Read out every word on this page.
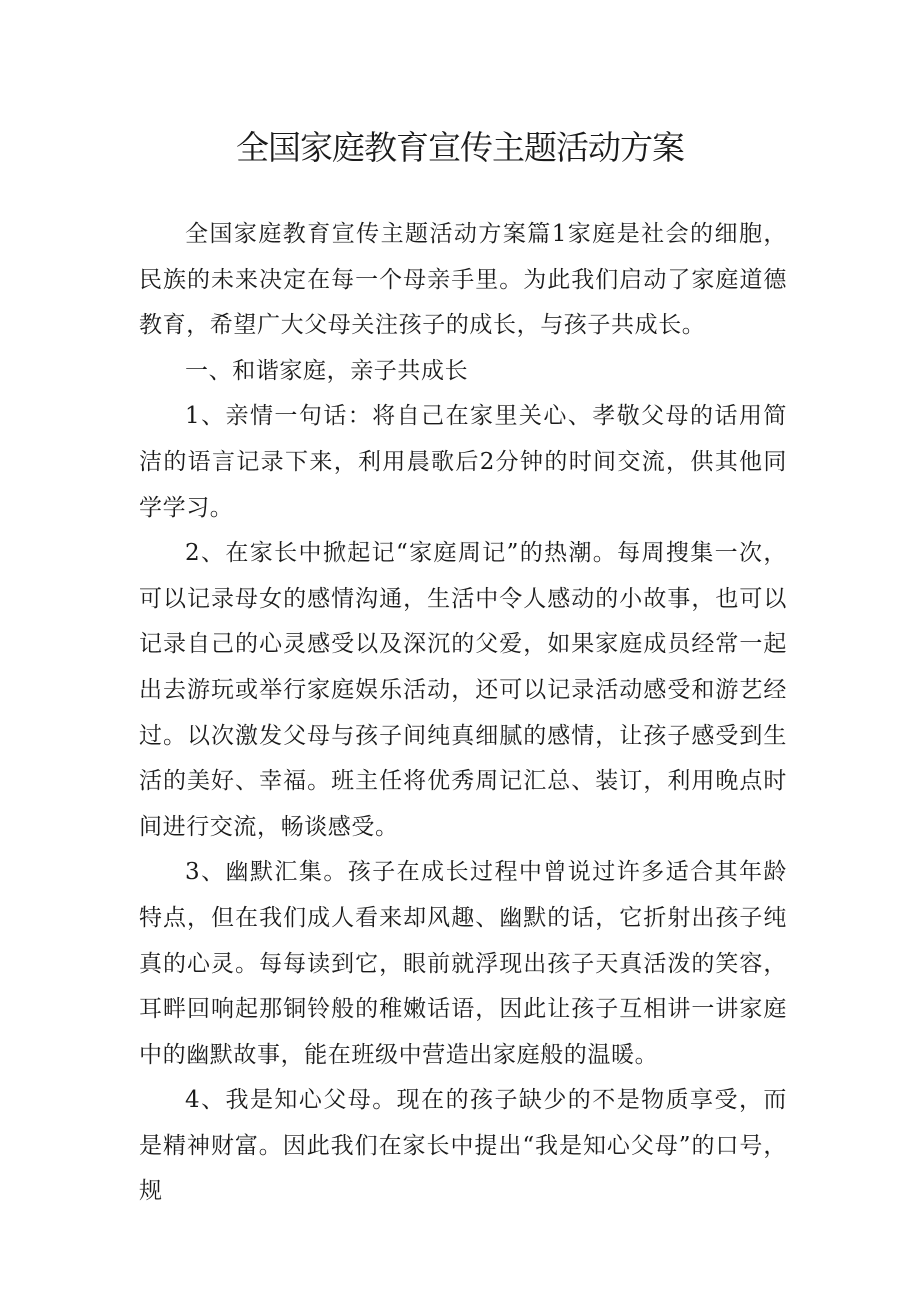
全国家庭教育宣传主题活动方案

全国家庭教育宣传主题活动方案篇1家庭是社会的细胞，民族的未来决定在每一个母亲手里。为此我们启动了家庭道德教育，希望广大父母关注孩子的成长，与孩子共成长。

一、和谐家庭，亲子共成长

1、亲情一句话：将自己在家里关心、孝敬父母的话用简洁的语言记录下来，利用晨歌后2分钟的时间交流，供其他同学学习。

2、在家长中掀起记“家庭周记”的热潮。每周搜集一次，可以记录母女的感情沟通，生活中令人感动的小故事，也可以记录自己的心灵感受以及深沉的父爱，如果家庭成员经常一起出去游玩或举行家庭娱乐活动，还可以记录活动感受和游艺经过。以次激发父母与孩子间纯真细腻的感情，让孩子感受到生活的美好、幸福。班主任将优秀周记汇总、装订，利用晚点时间进行交流，畅谈感受。

3、幽默汇集。孩子在成长过程中曾说过许多适合其年龄特点，但在我们成人看来却风趣、幽默的话，它折射出孩子纯真的心灵。每每读到它，眼前就浮现出孩子天真活泼的笑容，耳畔回响起那铜铃般的稚嫩话语，因此让孩子互相讲一讲家庭中的幽默故事，能在班级中营造出家庭般的温暖。

4、我是知心父母。现在的孩子缺少的不是物质享受，而是精神财富。因此我们在家长中提出“我是知心父母”的口号，规
